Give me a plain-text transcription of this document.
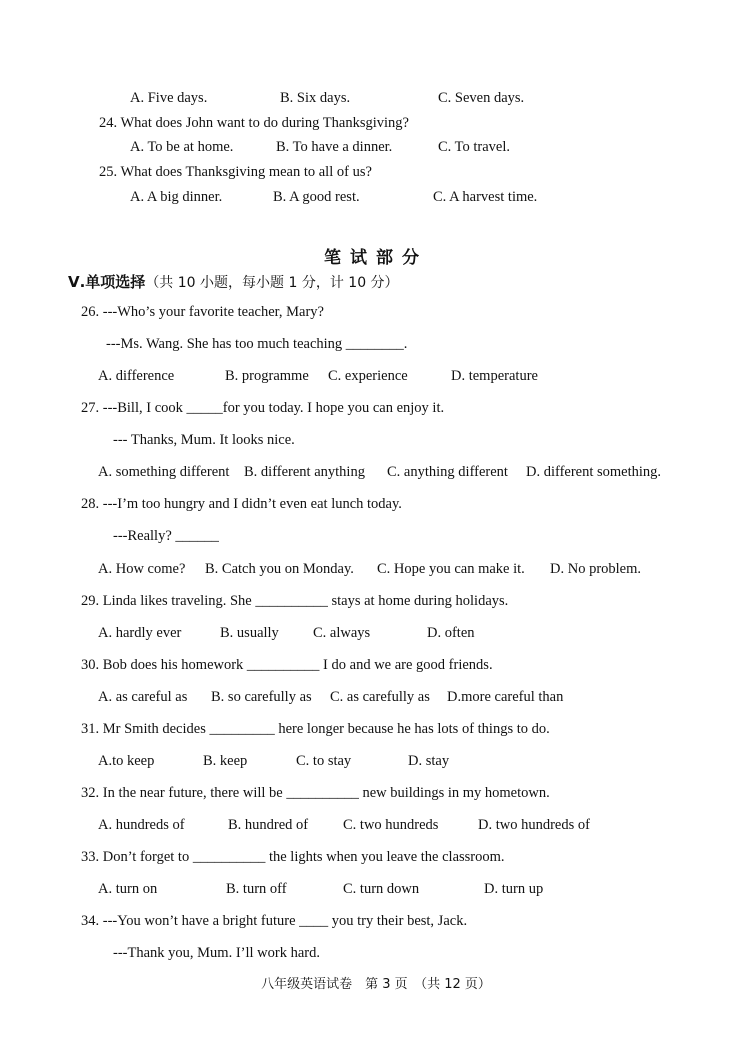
A. Five days.	B. Six days.	C. Seven days.
24. What does John want to do during Thanksgiving?
A. To be at home.	B. To have a dinner.	C. To travel.
25. What does Thanksgiving mean to all of us?
A. A big dinner.	B. A good rest.	C. A harvest time.
笔试部分
Ⅴ.单项选择（共 10 小题，每小题 1 分，计 10 分）
26. ---Who’s your favorite teacher, Mary?
---Ms. Wang. She has too much teaching ________.
A. difference	B. programme C. experience	D. temperature
27. ---Bill, I cook _____for you today. I hope you can enjoy it.
--- Thanks, Mum. It looks nice.
A. something different B. different anything C. anything different D. different something.
28. ---I’m too hungry and I didn’t even eat lunch today.
---Really? ______
A. How come? B. Catch you on Monday. C. Hope you can make it. D. No problem.
29. Linda likes traveling. She __________ stays at home during holidays.
A. hardly ever	B. usually C. always	D. often
30. Bob does his homework __________ I do and we are good friends.
A. as careful as B. so carefully as C. as carefully as D.more careful than
31. Mr Smith decides _________ here longer because he has lots of things to do.
A.to keep	B. keep	C. to stay	D. stay
32. In the near future, there will be __________ new buildings in my hometown.
A. hundreds of	B. hundred of C. two hundreds	D. two hundreds of
33. Don’t forget to __________ the lights when you leave the classroom.
A. turn on	B. turn off	C. turn down	D. turn up
34. ---You won’t have a bright future ____ you try their best, Jack.
---Thank you, Mum. I’ll work hard.
八年级英语试卷　第 3 页　（共 12 页）
